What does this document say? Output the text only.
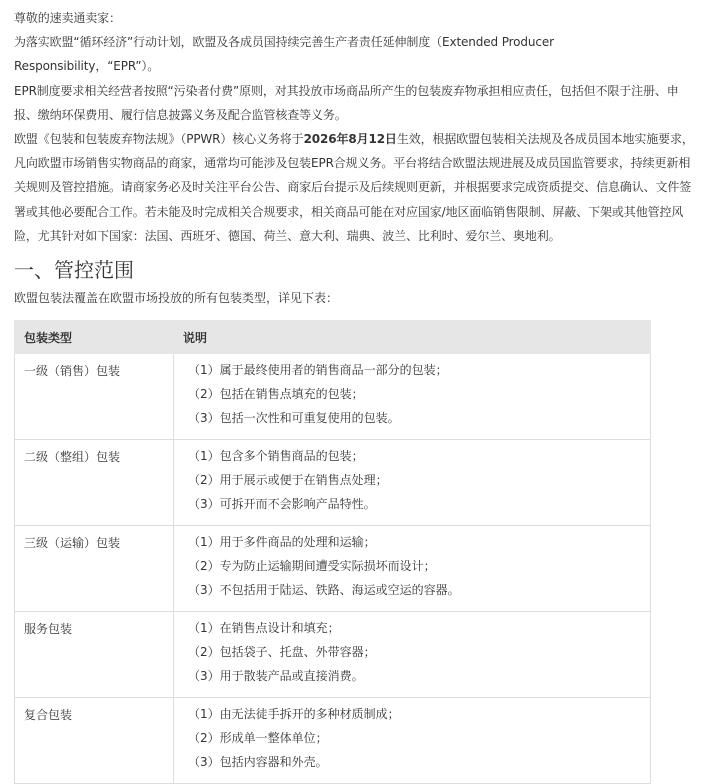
尊敬的速卖通卖家：

为落实欧盟“循环经济”行动计划，欧盟及各成员国持续完善生产者责任延伸制度（Extended Producer Responsibility，“EPR”）。

EPR制度要求相关经营者按照“污染者付费”原则，对其投放市场商品所产生的包装废弃物承担相应责任，包括但不限于注册、申报、缴纳环保费用、履行信息披露义务及配合监管核查等义务。

欧盟《包装和包装废弃物法规》（PPWR）核心义务将于2026年8月12日生效，根据欧盟包装相关法规及各成员国本地实施要求，凡向欧盟市场销售实物商品的商家，通常均可能涉及包装EPR合规义务。平台将结合欧盟法规进展及成员国监管要求，持续更新相关规则及管控措施。请商家务必及时关注平台公告、商家后台提示及后续规则更新，并根据要求完成资质提交、信息确认、文件签署或其他必要配合工作。若未能及时完成相关合规要求，相关商品可能在对应国家/地区面临销售限制、屏蔽、下架或其他管控风险，尤其针对如下国家：法国、西班牙、德国、荷兰、意大利、瑞典、波兰、比利时、爱尔兰、奥地利。

一、管控范围

欧盟包装法覆盖在欧盟市场投放的所有包装类型，详见下表：

包装类型	说明
一级（销售）包装	（1）属于最终使用者的销售商品一部分的包装；
（2）包括在销售点填充的包装；
（3）包括一次性和可重复使用的包装。

二级（整组）包装	（1）包含多个销售商品的包装；
（2）用于展示或便于在销售点处理；
（3）可拆开而不会影响产品特性。

三级（运输）包装	（1）用于多件商品的处理和运输；
（2）专为防止运输期间遭受实际损坏而设计；
（3）不包括用于陆运、铁路、海运或空运的容器。

服务包装	（1）在销售点设计和填充；
（2）包括袋子、托盘、外带容器；
（3）用于散装产品或直接消费。

复合包装	（1）由无法徒手拆开的多种材质制成；
（2）形成单一整体单位；
（3）包括内容器和外壳。
